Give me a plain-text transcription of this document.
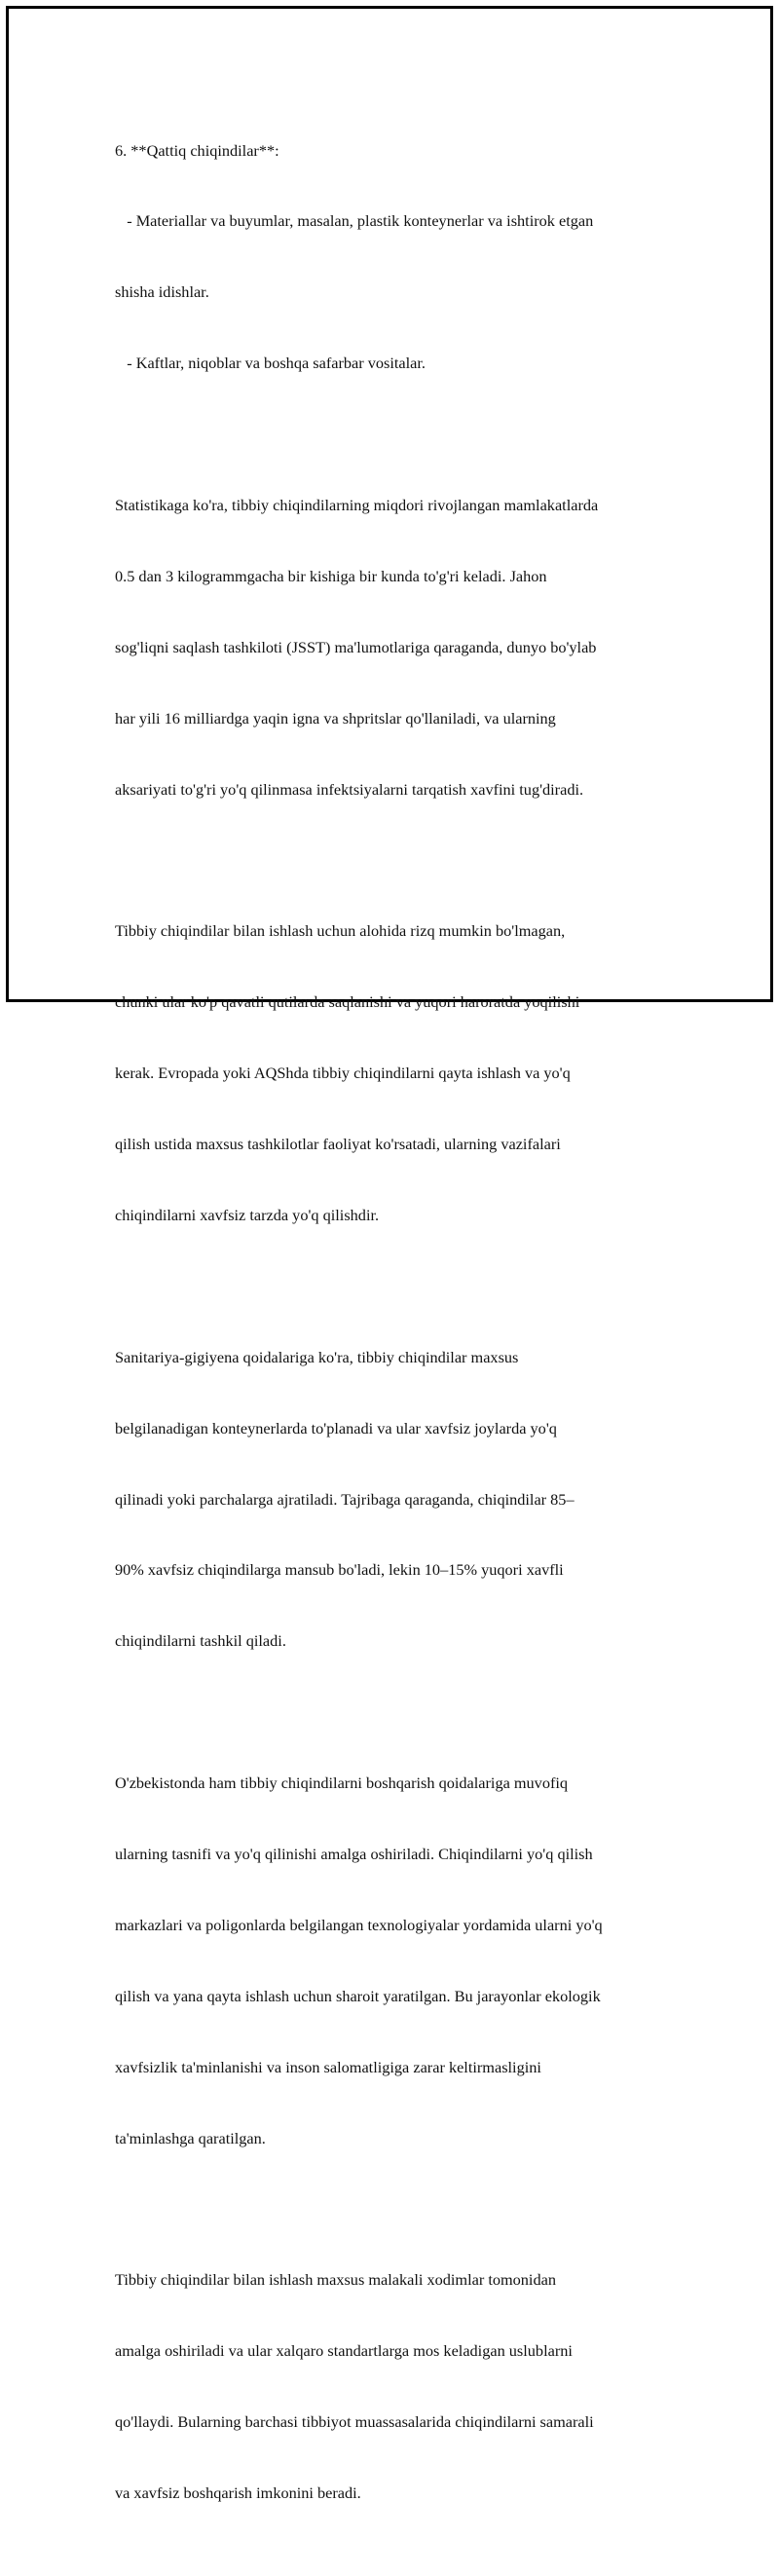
6. **Qattiq chiqindilar**:

- Materiallar va buyumlar, masalan, plastik konteynerlar va ishtirok etgan

shisha idishlar.

- Kaftlar, niqoblar va boshqa safarbar vositalar.

Statistikaga ko'ra, tibbiy chiqindilarning miqdori rivojlangan mamlakatlarda

0.5 dan 3 kilogrammgacha bir kishiga bir kunda to'g'ri keladi. Jahon

sog'liqni saqlash tashkiloti (JSST) ma'lumotlariga qaraganda, dunyo bo'ylab

har yili 16 milliardga yaqin igna va shpritslar qo'llaniladi, va ularning

aksariyati to'g'ri yo'q qilinmasa infektsiyalarni tarqatish xavfini tug'diradi.

Tibbiy chiqindilar bilan ishlash uchun alohida rizq mumkin bo'lmagan,

chunki ular ko'p qavatli qutilarda saqlanishi va yuqori haroratda yoqilishi

kerak. Evropada yoki AQShda tibbiy chiqindilarni qayta ishlash va yo'q

qilish ustida maxsus tashkilotlar faoliyat ko'rsatadi, ularning vazifalari

chiqindilarni xavfsiz tarzda yo'q qilishdir.

Sanitariya-gigiyena qoidalariga ko'ra, tibbiy chiqindilar maxsus

belgilanadigan konteynerlarda to'planadi va ular xavfsiz joylarda yo'q

qilinadi yoki parchalarga ajratiladi. Tajribaga qaraganda, chiqindilar 85–

90% xavfsiz chiqindilarga mansub bo'ladi, lekin 10–15% yuqori xavfli

chiqindilarni tashkil qiladi.

O'zbekistonda ham tibbiy chiqindilarni boshqarish qoidalariga muvofiq

ularning tasnifi va yo'q qilinishi amalga oshiriladi. Chiqindilarni yo'q qilish

markazlari va poligonlarda belgilangan texnologiyalar yordamida ularni yo'q

qilish va yana qayta ishlash uchun sharoit yaratilgan. Bu jarayonlar ekologik

xavfsizlik ta'minlanishi va inson salomatligiga zarar keltirmasligini

ta'minlashga qaratilgan.

Tibbiy chiqindilar bilan ishlash maxsus malakali xodimlar tomonidan

amalga oshiriladi va ular xalqaro standartlarga mos keladigan uslublarni

qo'llaydi. Bularning barchasi tibbiyot muassasalarida chiqindilarni samarali

va xavfsiz boshqarish imkonini beradi.
